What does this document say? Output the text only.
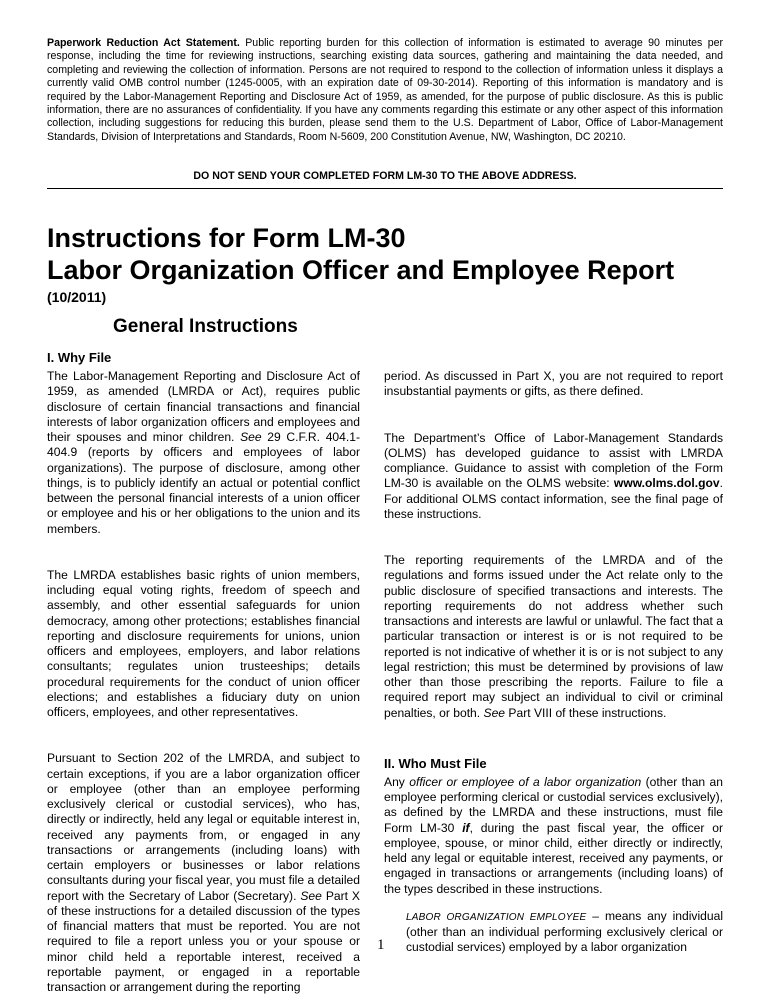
Paperwork Reduction Act Statement. Public reporting burden for this collection of information is estimated to average 90 minutes per response, including the time for reviewing instructions, searching existing data sources, gathering and maintaining the data needed, and completing and reviewing the collection of information. Persons are not required to respond to the collection of information unless it displays a currently valid OMB control number (1245-0005, with an expiration date of 09-30-2014). Reporting of this information is mandatory and is required by the Labor-Management Reporting and Disclosure Act of 1959, as amended, for the purpose of public disclosure. As this is public information, there are no assurances of confidentiality. If you have any comments regarding this estimate or any other aspect of this information collection, including suggestions for reducing this burden, please send them to the U.S. Department of Labor, Office of Labor-Management Standards, Division of Interpretations and Standards, Room N-5609, 200 Constitution Avenue, NW, Washington, DC 20210.
DO NOT SEND YOUR COMPLETED FORM LM-30 TO THE ABOVE ADDRESS.
Instructions for Form LM-30
Labor Organization Officer and Employee Report
(10/2011)
General Instructions
I. Why File

The Labor-Management Reporting and Disclosure Act of 1959, as amended (LMRDA or Act), requires public disclosure of certain financial transactions and financial interests of labor organization officers and employees and their spouses and minor children. See 29 C.F.R. 404.1-404.9 (reports by officers and employees of labor organizations). The purpose of disclosure, among other things, is to publicly identify an actual or potential conflict between the personal financial interests of a union officer or employee and his or her obligations to the union and its members.

The LMRDA establishes basic rights of union members, including equal voting rights, freedom of speech and assembly, and other essential safeguards for union democracy, among other protections; establishes financial reporting and disclosure requirements for unions, union officers and employees, employers, and labor relations consultants; regulates union trusteeships; details procedural requirements for the conduct of union officer elections; and establishes a fiduciary duty on union officers, employees, and other representatives.

Pursuant to Section 202 of the LMRDA, and subject to certain exceptions, if you are a labor organization officer or employee (other than an employee performing exclusively clerical or custodial services), who has, directly or indirectly, held any legal or equitable interest in, received any payments from, or engaged in any transactions or arrangements (including loans) with certain employers or businesses or labor relations consultants during your fiscal year, you must file a detailed report with the Secretary of Labor (Secretary). See Part X of these instructions for a detailed discussion of the types of financial matters that must be reported. You are not required to file a report unless you or your spouse or minor child held a reportable interest, received a reportable payment, or engaged in a reportable transaction or arrangement during the reporting

period. As discussed in Part X, you are not required to report insubstantial payments or gifts, as there defined.

The Department’s Office of Labor-Management Standards (OLMS) has developed guidance to assist with LMRDA compliance. Guidance to assist with completion of the Form LM-30 is available on the OLMS website: www.olms.dol.gov. For additional OLMS contact information, see the final page of these instructions.

The reporting requirements of the LMRDA and of the regulations and forms issued under the Act relate only to the public disclosure of specified transactions and interests. The reporting requirements do not address whether such transactions and interests are lawful or unlawful. The fact that a particular transaction or interest is or is not required to be reported is not indicative of whether it is or is not subject to any legal restriction; this must be determined by provisions of law other than those prescribing the reports. Failure to file a required report may subject an individual to civil or criminal penalties, or both. See Part VIII of these instructions.

II. Who Must File

Any officer or employee of a labor organization (other than an employee performing clerical or custodial services exclusively), as defined by the LMRDA and these instructions, must file Form LM-30 if, during the past fiscal year, the officer or employee, spouse, or minor child, either directly or indirectly, held any legal or equitable interest, received any payments, or engaged in transactions or arrangements (including loans) of the types described in these instructions.

LABOR ORGANIZATION EMPLOYEE – means any individual (other than an individual performing exclusively clerical or custodial services) employed by a labor organization

1
